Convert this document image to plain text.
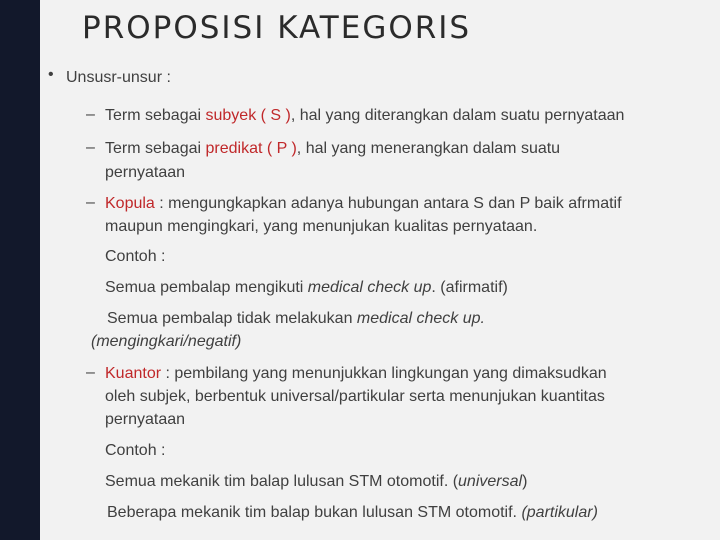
PROPOSISI KATEGORIS
• Unsusr-unsur :
– Term sebagai subyek ( S ), hal yang diterangkan dalam suatu pernyataan
– Term sebagai predikat ( P ), hal yang menerangkan dalam suatu
pernyataan
– Kopula : mengungkapkan adanya hubungan antara S dan P baik afrmatif
maupun mengingkari, yang menunjukan kualitas pernyataan.
Contoh :
Semua pembalap mengikuti medical check up. (afirmatif)
Semua pembalap tidak melakukan medical check up.
(mengingkari/negatif)
– Kuantor : pembilang yang menunjukkan lingkungan yang dimaksudkan
oleh subjek, berbentuk universal/partikular serta menunjukan kuantitas
pernyataan
Contoh :
Semua mekanik tim balap lulusan STM otomotif. (universal)
Beberapa mekanik tim balap bukan lulusan STM otomotif. (partikular)
